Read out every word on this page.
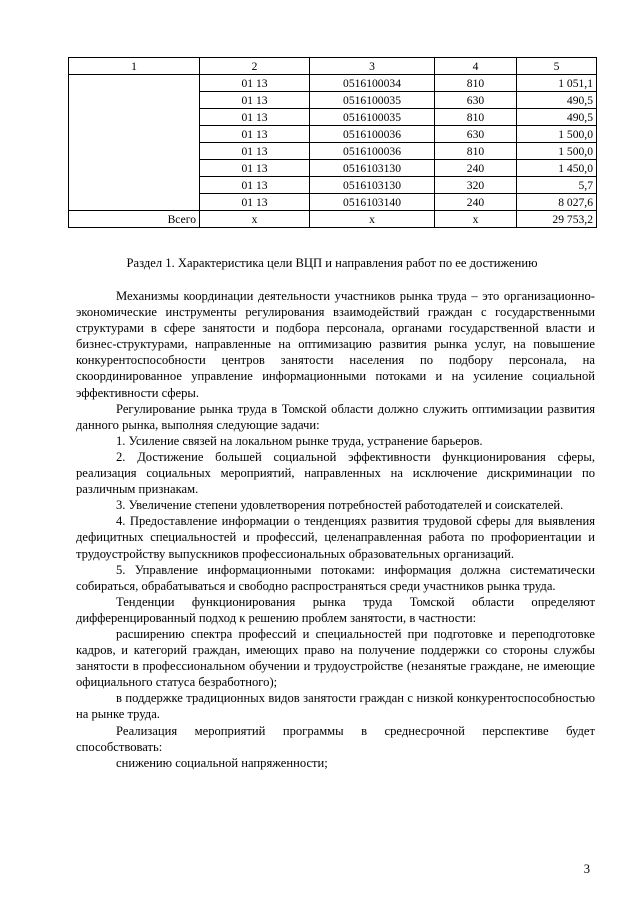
1	2	3	4	5
	01 13	0516100034	810	1 051,1
	01 13	0516100035	630	490,5
	01 13	0516100035	810	490,5
	01 13	0516100036	630	1 500,0
	01 13	0516100036	810	1 500,0
	01 13	0516103130	240	1 450,0
	01 13	0516103130	320	5,7
	01 13	0516103140	240	8 027,6
Всего	x	x	x	29 753,2

Раздел 1. Характеристика цели ВЦП и направления работ по ее достижению

Механизмы координации деятельности участников рынка труда – это организационно-экономические инструменты регулирования взаимодействий граждан с государственными структурами в сфере занятости и подбора персонала, органами государственной власти и бизнес-структурами, направленные на оптимизацию развития рынка услуг, на повышение конкурентоспособности центров занятости населения по подбору персонала, на скоординированное управление информационными потоками и на усиление социальной эффективности сферы.

Регулирование рынка труда в Томской области должно служить оптимизации развития данного рынка, выполняя следующие задачи:

1. Усиление связей на локальном рынке труда, устранение барьеров.

2. Достижение большей социальной эффективности функционирования сферы, реализация социальных мероприятий, направленных на исключение дискриминации по различным признакам.

3. Увеличение степени удовлетворения потребностей работодателей и соискателей.

4. Предоставление информации о тенденциях развития трудовой сферы для выявления дефицитных специальностей и профессий, целенаправленная работа по профориентации и трудоустройству выпускников профессиональных образовательных организаций.

5. Управление информационными потоками: информация должна систематически собираться, обрабатываться и свободно распространяться среди участников рынка труда.

Тенденции функционирования рынка труда Томской области определяют дифференцированный подход к решению проблем занятости, в частности:

расширению спектра профессий и специальностей при подготовке и переподготовке кадров, и категорий граждан, имеющих право на получение поддержки со стороны службы занятости в профессиональном обучении и трудоустройстве (незанятые граждане, не имеющие официального статуса безработного);

в поддержке традиционных видов занятости граждан с низкой конкурентоспособностью на рынке труда.

Реализация мероприятий программы в среднесрочной перспективе будет способствовать:

снижению социальной напряженности;

3
